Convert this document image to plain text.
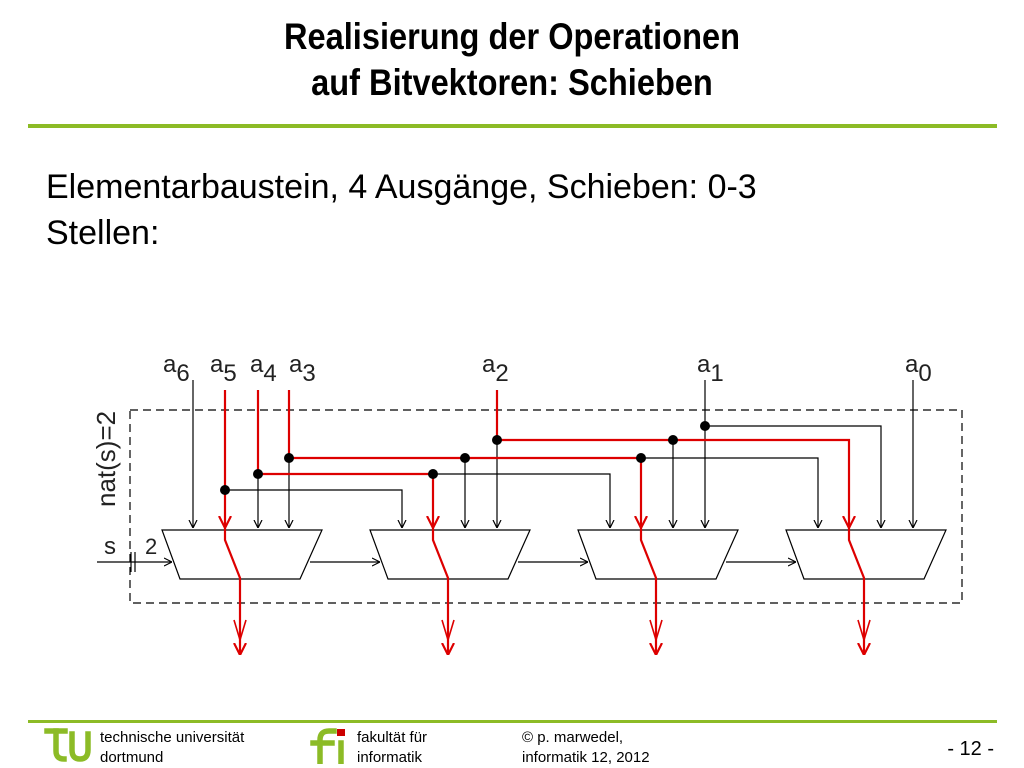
Realisierung der Operationen
auf Bitvektoren: Schieben
Elementarbaustein, 4 Ausgänge, Schieben: 0-3
Stellen:
a6 a5 a4 a3	a2	a1	a0
nat(s)=2
s 2
technische universität
dortmund
fakultät für
informatik
© p. marwedel,
informatik 12, 2012	- 12 -
